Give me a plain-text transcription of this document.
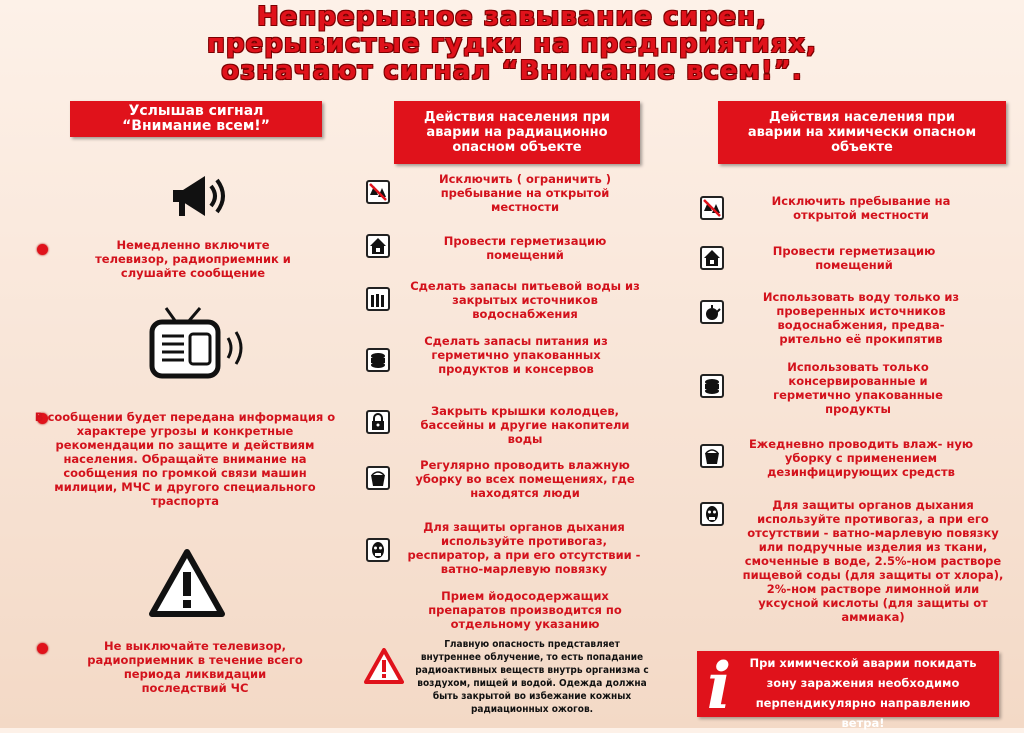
Непрерывное завывание сирен,
прерывистые гудки на предприятиях,
означают сигнал “Внимание всем!”.
Услышав сигнал “Внимание всем!”
Действия населения при аварии на радиационно опасном объекте
Действия населения при аварии на химически опасном объекте
Немедленно включите телевизор, радиоприемник и слушайте сообщение
В сообщении будет передана информация о характере угрозы и конкретные рекомендации по защите и действиям населения. Обращайте внимание на сообщения по громкой связи машин милиции, МЧС и другого специального траспорта
Не выключайте телевизор, радиоприемник в течение всего периода ликвидации последствий ЧС
Исключить ( ограничить ) пребывание на открытой местности
Провести герметизацию помещений
Сделать запасы питьевой воды из закрытых источников водоснабжения
Сделать запасы питания из герметично упакованных продуктов и консервов
Закрыть крышки колодцев, бассейны и другие накопители воды
Регулярно проводить влажную уборку во всех помещениях, где находятся люди
Для защиты органов дыхания используйте противогаз, респиратор, а при его отсутствии - ватно-марлевую повязку
Прием йодосодержащих препаратов производится по отдельному указанию
Главную опасность представляет внутреннее облучение, то есть попадание радиоактивных веществ внутрь организма с воздухом, пищей и водой. Одежда должна быть закрытой во избежание кожных радиационных ожогов.
Исключить пребывание на открытой местности
Провести герметизацию помещений
Использовать воду только из проверенных источников водоснабжения, предва- рительно её прокипятив
Использовать только консервированные и герметично упакованные продукты
Ежедневно проводить влаж- ную уборку с применением дезинфицирующих средств
Для защиты органов дыхания используйте противогаз, а при его отсутствии - ватно-марлевую повязку или подручные изделия из ткани, смоченные в воде, 2.5%-ном растворе пищевой соды (для защиты от хлора), 2%-ном растворе лимонной или уксусной кислоты (для защиты от аммиака)
При химической аварии покидать зону заражения необходимо перпендикулярно направлению ветра!
i
